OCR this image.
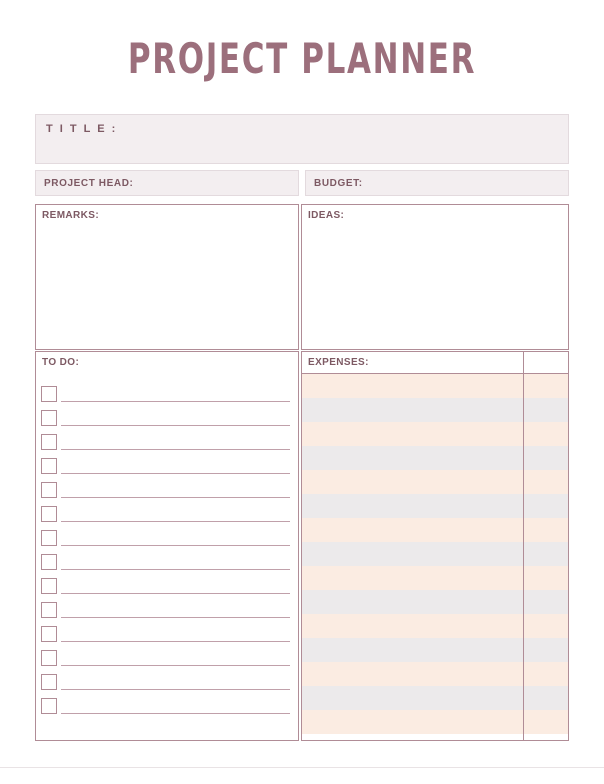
PROJECT PLANNER
T I T L E :
PROJECT HEAD:	BUDGET:
REMARKS:	IDEAS:
TO DO:	EXPENSES:
